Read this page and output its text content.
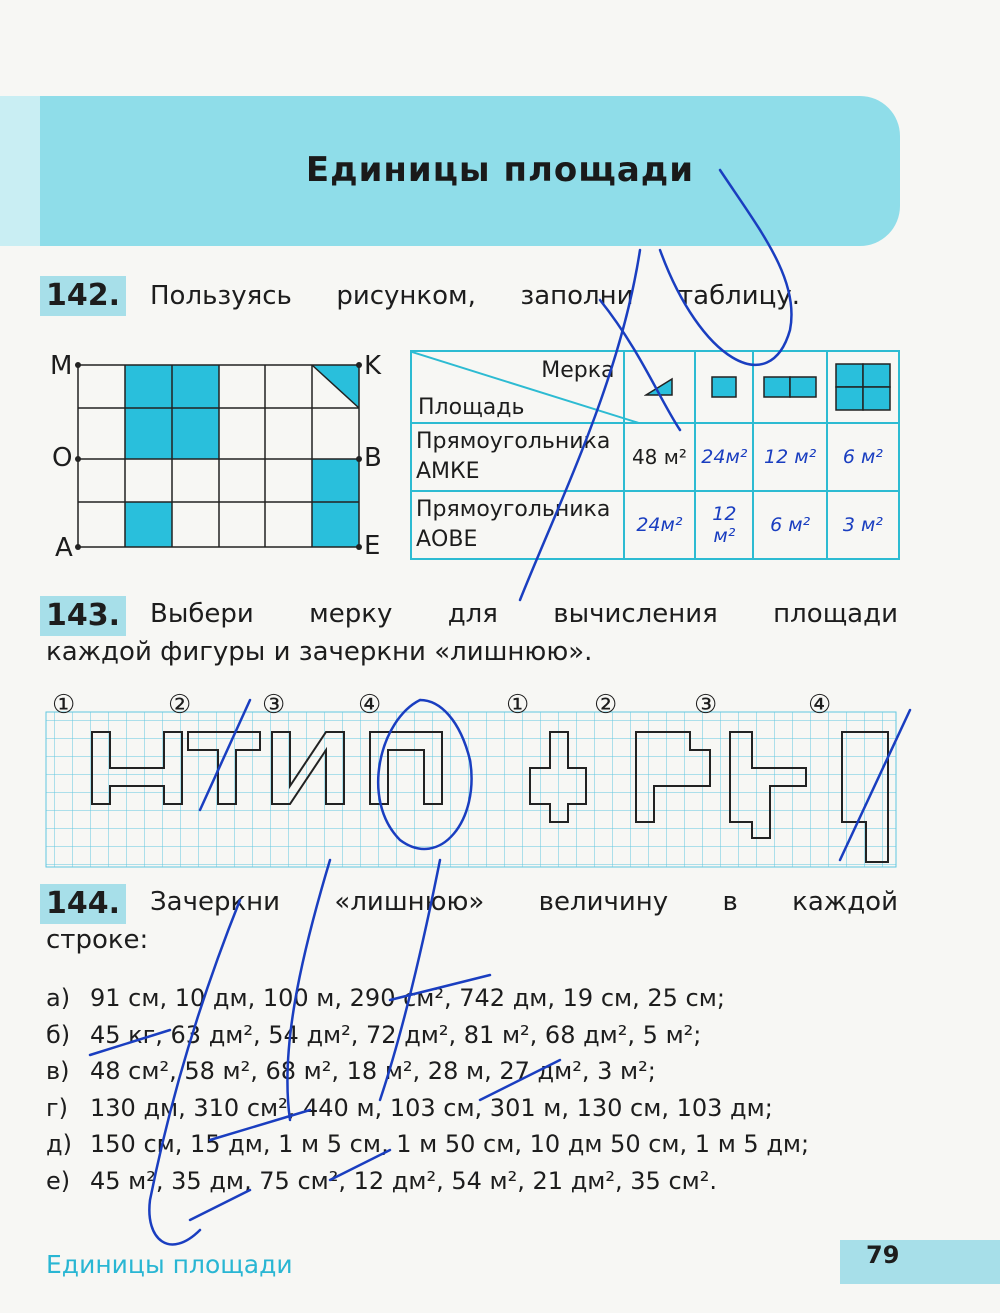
Единицы площади
142. Пользуясь рисунком, заполни таблицу.
M	K
O	B
A	E
Мерка
Площадь

Прямоугольника АМКЕ	48 м²	24м²	12 м²	6 м²
Прямоугольника АОВЕ	24м²	12 м²	6 м²	3 м²
143. Выбери мерку для вычисления площади
каждой фигуры и зачеркни «лишнюю».
①	②	③	④	① ②	③	④
144. Зачеркни «лишнюю» величину в каждой
строке:
а) 91 см, 10 дм, 100 м, 290 см², 742 дм, 19 см, 25 см;
б) 45 кг, 63 дм², 54 дм², 72 дм², 81 м², 68 дм², 5 м²;
в) 48 см², 58 м², 68 м², 18 м², 28 м, 27 дм², 3 м²;
г) 130 дм, 310 см², 440 м, 103 см, 301 м, 130 см, 103 дм;
д) 150 см, 15 дм, 1 м 5 см, 1 м 50 см, 10 дм 50 см, 1 м 5 дм;
е) 45 м², 35 дм, 75 см², 12 дм², 54 м², 21 дм², 35 см².
Единицы площади	79
